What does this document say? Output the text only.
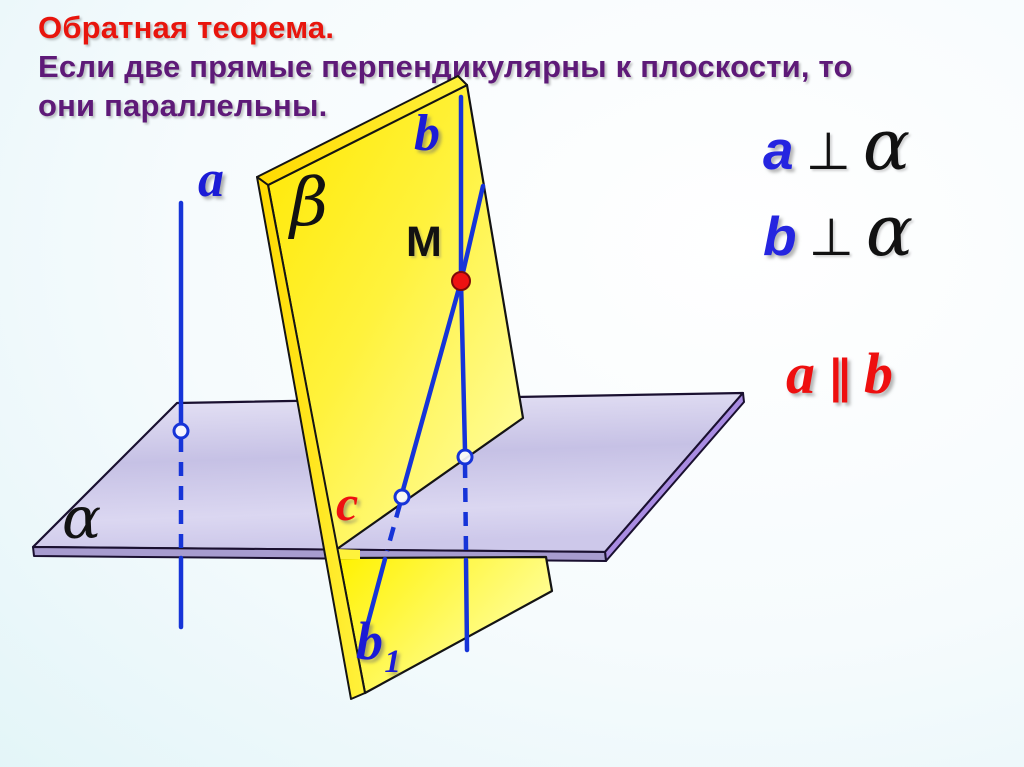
Обратная теорема.
Если две прямые перпендикулярны к плоскости, то
они параллельны.
a
b
$b_1$
M
β
α	c
a ⊥ α
b ⊥ α
a ∥ b
